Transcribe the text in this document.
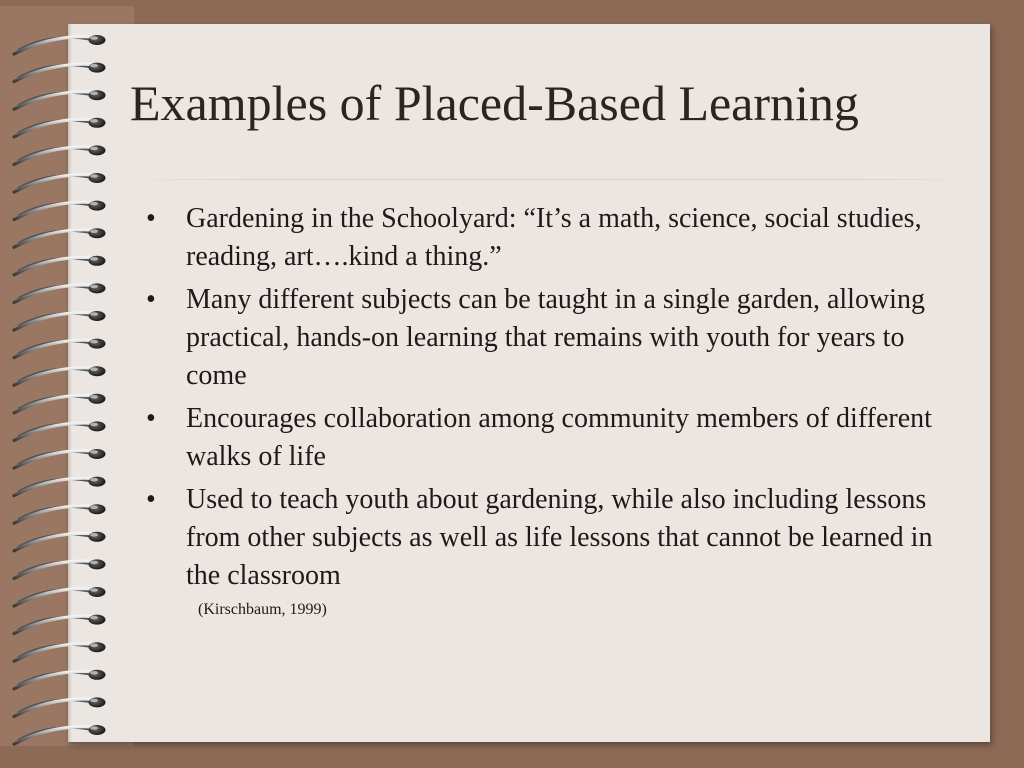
Examples of Placed-Based Learning
• Gardening in the Schoolyard: “It’s a math, science, social studies, reading, art….kind a thing.”
• Many different subjects can be taught in a single garden, allowing practical, hands-on learning that remains with youth for years to come
• Encourages collaboration among community members of different walks of life
• Used to teach youth about gardening, while also including lessons from other subjects as well as life lessons that cannot be learned in the classroom
(Kirschbaum, 1999)
